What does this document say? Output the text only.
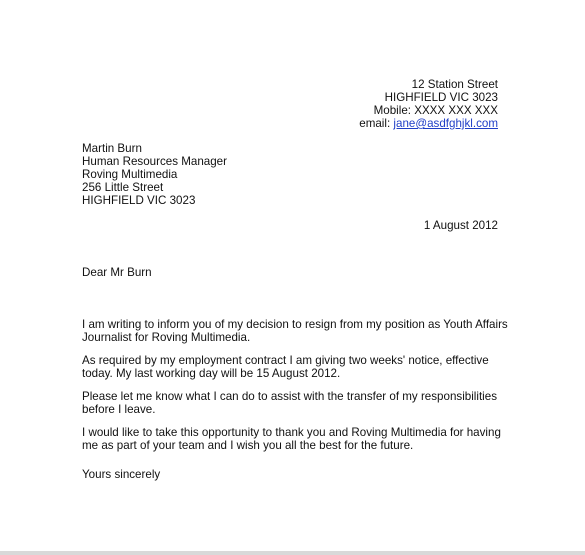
12 Station Street
HIGHFIELD VIC 3023
Mobile: XXXX XXX XXX
email: jane@asdfghjkl.com
Martin Burn
Human Resources Manager
Roving Multimedia
256 Little Street
HIGHFIELD VIC 3023
1 August 2012
Dear Mr Burn
I am writing to inform you of my decision to resign from my position as Youth Affairs
Journalist for Roving Multimedia.
As required by my employment contract I am giving two weeks' notice, effective
today. My last working day will be 15 August 2012.
Please let me know what I can do to assist with the transfer of my responsibilities
before I leave.
I would like to take this opportunity to thank you and Roving Multimedia for having
me as part of your team and I wish you all the best for the future.
Yours sincerely
